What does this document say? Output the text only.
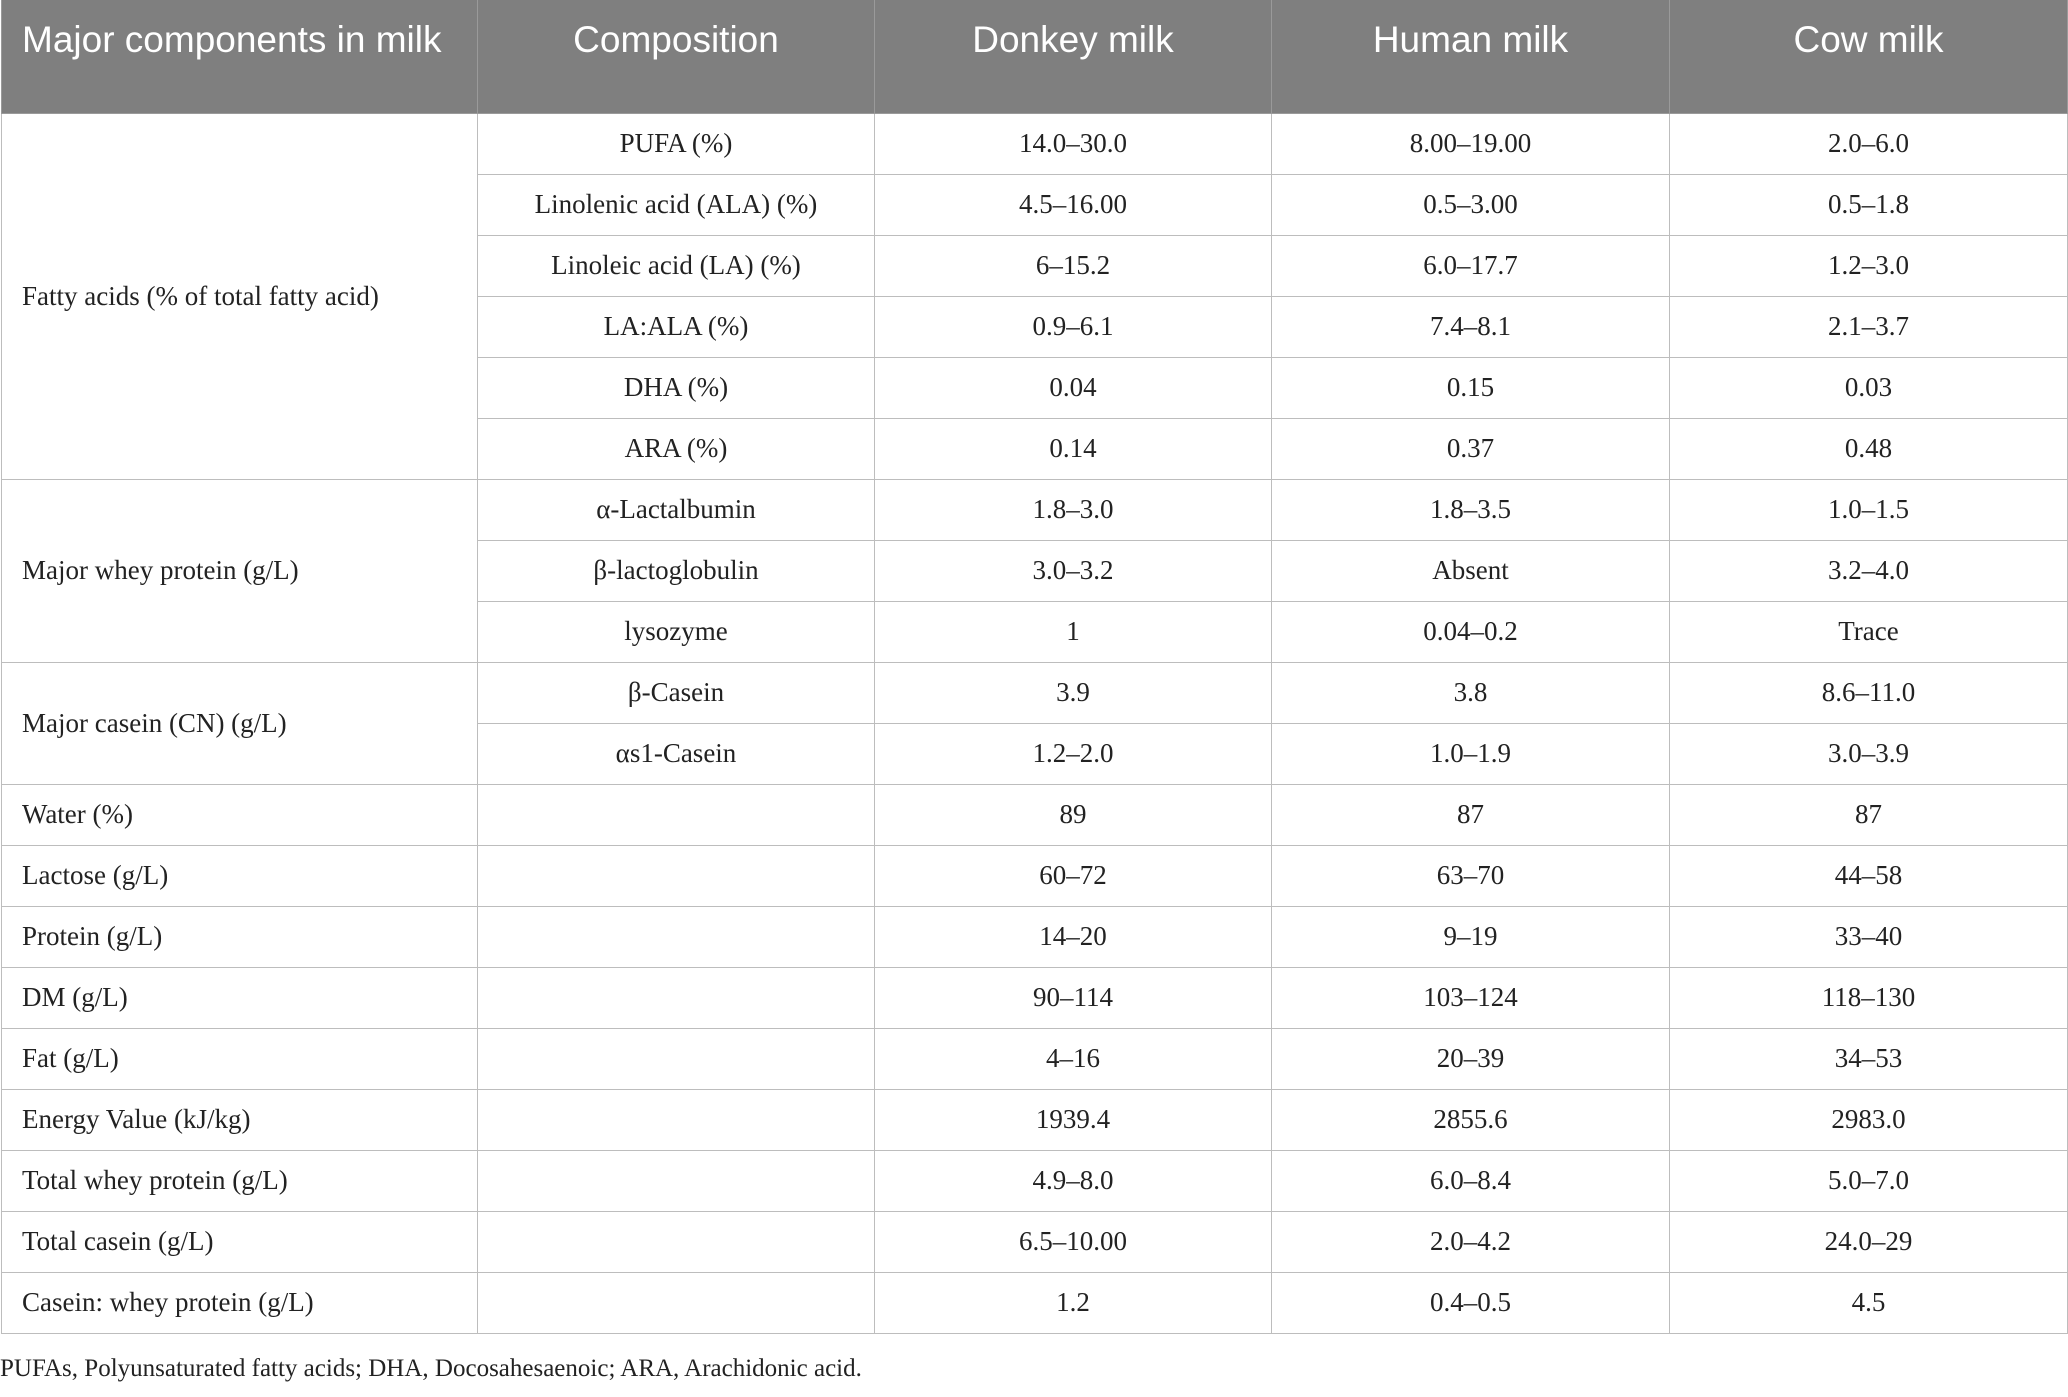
Major components in milk	Composition	Donkey milk	Human milk	Cow milk
Fatty acids (% of total fatty acid)	PUFA (%)	14.0–30.0	8.00–19.00	2.0–6.0
	Linolenic acid (ALA) (%)	4.5–16.00	0.5–3.00	0.5–1.8
	Linoleic acid (LA) (%)	6–15.2	6.0–17.7	1.2–3.0
	LA:ALA (%)	0.9–6.1	7.4–8.1	2.1–3.7
	DHA (%)	0.04	0.15	0.03
	ARA (%)	0.14	0.37	0.48
Major whey protein (g/L)	α-Lactalbumin	1.8–3.0	1.8–3.5	1.0–1.5
	β-lactoglobulin	3.0–3.2	Absent	3.2–4.0
	lysozyme	1	0.04–0.2	Trace
Major casein (CN) (g/L)	β-Casein	3.9	3.8	8.6–11.0
	αs1-Casein	1.2–2.0	1.0–1.9	3.0–3.9
Water (%)		89	87	87
Lactose (g/L)		60–72	63–70	44–58
Protein (g/L)		14–20	9–19	33–40
DM (g/L)		90–114	103–124	118–130
Fat (g/L)		4–16	20–39	34–53
Energy Value (kJ/kg)		1939.4	2855.6	2983.0
Total whey protein (g/L)		4.9–8.0	6.0–8.4	5.0–7.0
Total casein (g/L)		6.5–10.00	2.0–4.2	24.0–29
Casein: whey protein (g/L)		1.2	0.4–0.5	4.5
PUFAs, Polyunsaturated fatty acids; DHA, Docosahesaenoic; ARA, Arachidonic acid.
